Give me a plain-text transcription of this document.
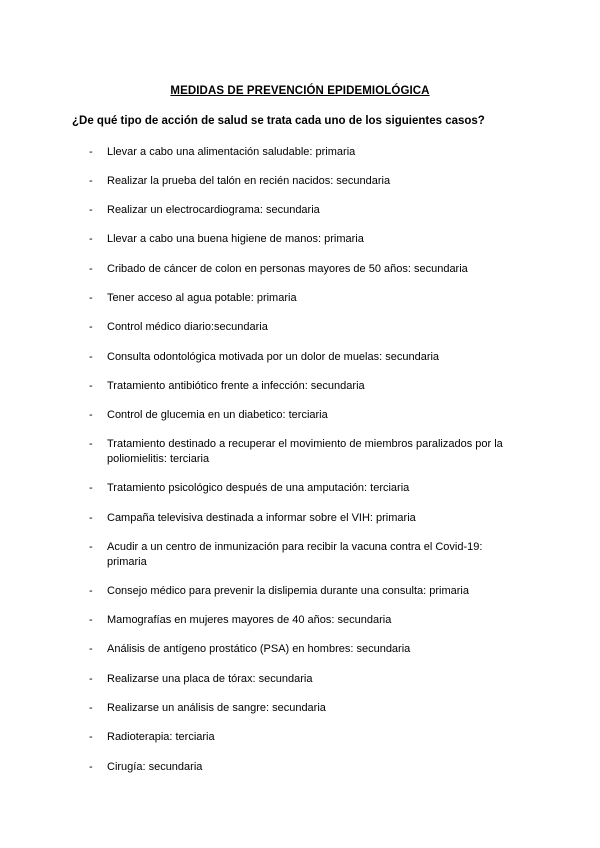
MEDIDAS DE PREVENCIÓN EPIDEMIOLÓGICA
¿De qué tipo de acción de salud se trata cada uno de los siguientes casos?
- Llevar a cabo una alimentación saludable: primaria
- Realizar la prueba del talón en recién nacidos: secundaria
- Realizar un electrocardiograma: secundaria
- Llevar a cabo una buena higiene de manos: primaria
- Cribado de cáncer de colon en personas mayores de 50 años: secundaria
- Tener acceso al agua potable: primaria
- Control médico diario:secundaria
- Consulta odontológica motivada por un dolor de muelas: secundaria
- Tratamiento antibiótico frente a infección: secundaria
- Control de glucemia en un diabetico: terciaria
- Tratamiento destinado a recuperar el movimiento de miembros paralizados por la poliomielitis: terciaria
- Tratamiento psicológico después de una amputación: terciaria
- Campaña televisiva destinada a informar sobre el VIH: primaria
- Acudir a un centro de inmunización para recibir la vacuna contra el Covid-19: primaria
- Consejo médico para prevenir la dislipemia durante una consulta: primaria
- Mamografías en mujeres mayores de 40 años: secundaria
- Análisis de antígeno prostático (PSA) en hombres: secundaria
- Realizarse una placa de tórax: secundaria
- Realizarse un análisis de sangre: secundaria
- Radioterapia: terciaria
- Cirugía: secundaria
